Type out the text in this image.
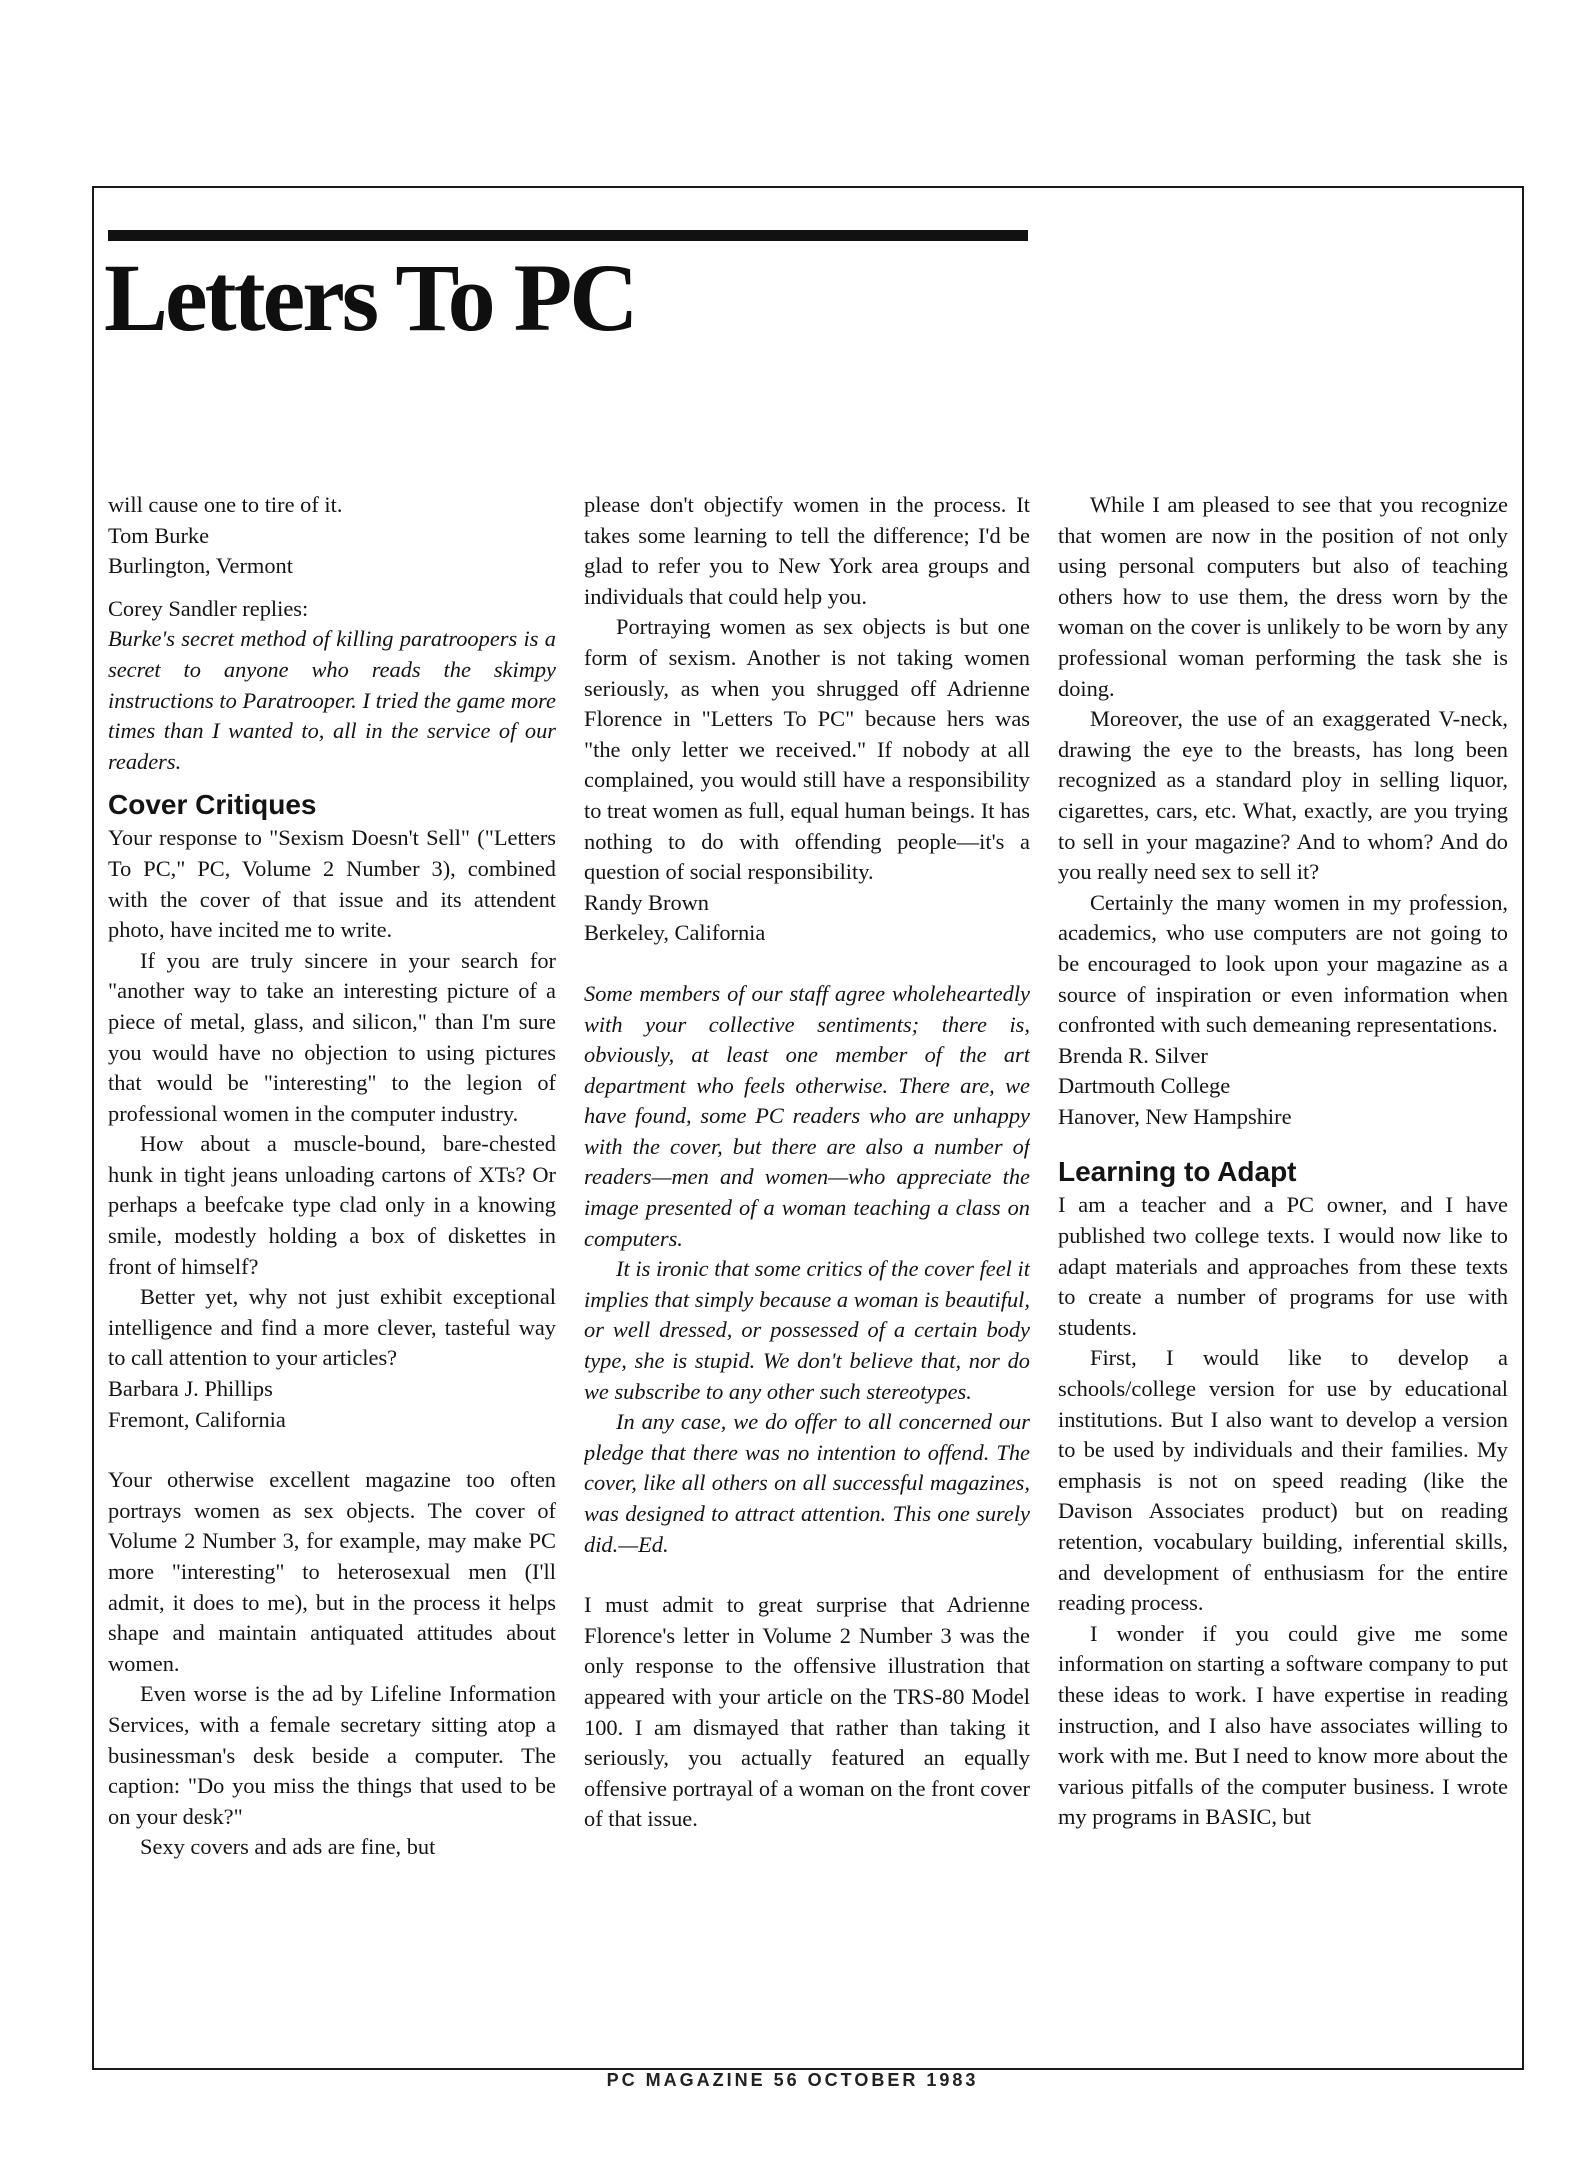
Letters To PC

will cause one to tire of it.

Tom Burke

Burlington, Vermont

Corey Sandler replies:

Burke's secret method of killing paratroopers is a secret to anyone who reads the skimpy instructions to Paratrooper. I tried the game more times than I wanted to, all in the service of our readers.

Cover Critiques

Your response to "Sexism Doesn't Sell" ("Letters To PC," PC, Volume 2 Number 3), combined with the cover of that issue and its attendent photo, have incited me to write.

If you are truly sincere in your search for "another way to take an interesting picture of a piece of metal, glass, and silicon," than I'm sure you would have no objection to using pictures that would be "interesting" to the legion of professional women in the computer industry.

How about a muscle-bound, bare-chested hunk in tight jeans unloading cartons of XTs? Or perhaps a beefcake type clad only in a knowing smile, modestly holding a box of diskettes in front of himself?

Better yet, why not just exhibit exceptional intelligence and find a more clever, tasteful way to call attention to your articles?

Barbara J. Phillips

Fremont, California

Your otherwise excellent magazine too often portrays women as sex objects. The cover of Volume 2 Number 3, for example, may make PC more "interesting" to heterosexual men (I'll admit, it does to me), but in the process it helps shape and maintain antiquated attitudes about women.

Even worse is the ad by Lifeline Information Services, with a female secretary sitting atop a businessman's desk beside a computer. The caption: "Do you miss the things that used to be on your desk?"

Sexy covers and ads are fine, but

please don't objectify women in the process. It takes some learning to tell the difference; I'd be glad to refer you to New York area groups and individuals that could help you.

Portraying women as sex objects is but one form of sexism. Another is not taking women seriously, as when you shrugged off Adrienne Florence in "Letters To PC" because hers was "the only letter we received." If nobody at all complained, you would still have a responsibility to treat women as full, equal human beings. It has nothing to do with offending people—it's a question of social responsibility.

Randy Brown

Berkeley, California

Some members of our staff agree wholeheartedly with your collective sentiments; there is, obviously, at least one member of the art department who feels otherwise. There are, we have found, some PC readers who are unhappy with the cover, but there are also a number of readers—men and women—who appreciate the image presented of a woman teaching a class on computers.

It is ironic that some critics of the cover feel it implies that simply because a woman is beautiful, or well dressed, or possessed of a certain body type, she is stupid. We don't believe that, nor do we subscribe to any other such stereotypes.

In any case, we do offer to all concerned our pledge that there was no intention to offend. The cover, like all others on all successful magazines, was designed to attract attention. This one surely did.—Ed.

I must admit to great surprise that Adrienne Florence's letter in Volume 2 Number 3 was the only response to the offensive illustration that appeared with your article on the TRS-80 Model 100. I am dismayed that rather than taking it seriously, you actually featured an equally offensive portrayal of a woman on the front cover of that issue.

While I am pleased to see that you recognize that women are now in the position of not only using personal computers but also of teaching others how to use them, the dress worn by the woman on the cover is unlikely to be worn by any professional woman performing the task she is doing.

Moreover, the use of an exaggerated V-neck, drawing the eye to the breasts, has long been recognized as a standard ploy in selling liquor, cigarettes, cars, etc. What, exactly, are you trying to sell in your magazine? And to whom? And do you really need sex to sell it?

Certainly the many women in my profession, academics, who use computers are not going to be encouraged to look upon your magazine as a source of inspiration or even information when confronted with such demeaning representations.

Brenda R. Silver

Dartmouth College

Hanover, New Hampshire

Learning to Adapt

I am a teacher and a PC owner, and I have published two college texts. I would now like to adapt materials and approaches from these texts to create a number of programs for use with students.

First, I would like to develop a schools/college version for use by educational institutions. But I also want to develop a version to be used by individuals and their families. My emphasis is not on speed reading (like the Davison Associates product) but on reading retention, vocabulary building, inferential skills, and development of enthusiasm for the entire reading process.

I wonder if you could give me some information on starting a software company to put these ideas to work. I have expertise in reading instruction, and I also have associates willing to work with me. But I need to know more about the various pitfalls of the computer business. I wrote my programs in BASIC, but

PC MAGAZINE 56 OCTOBER 1983
